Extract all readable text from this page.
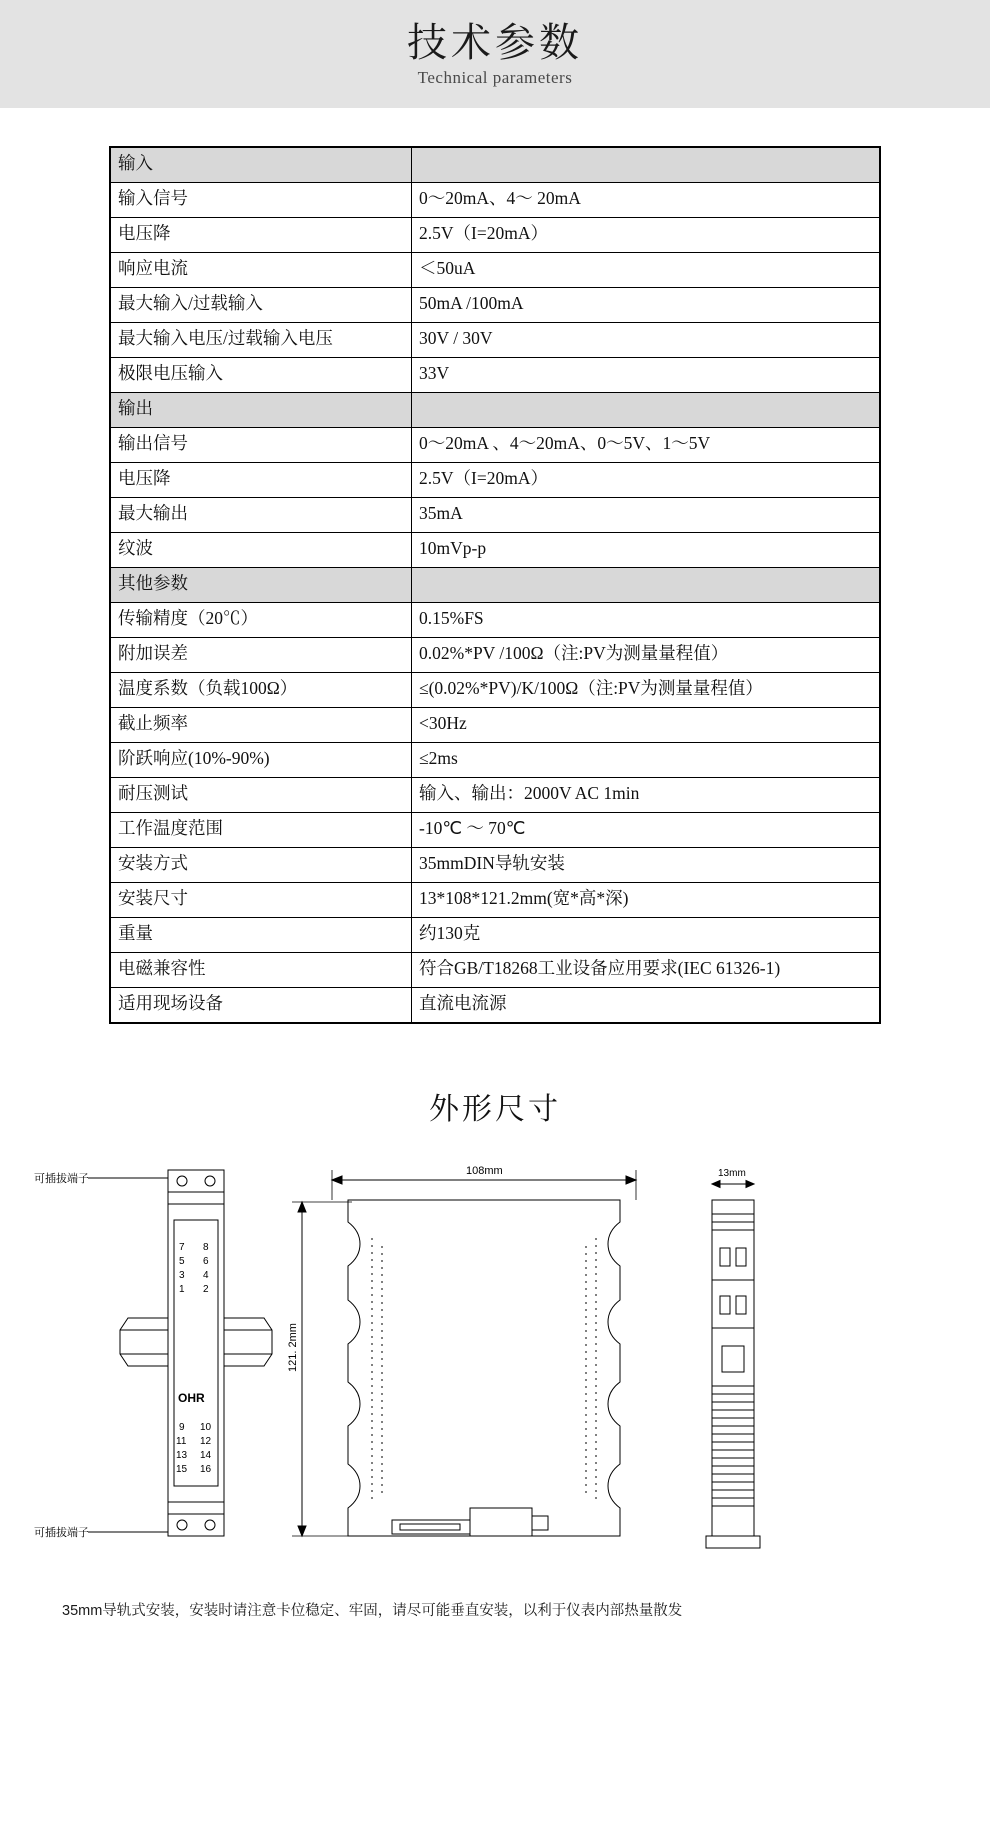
技术参数
Technical parameters
输入	
输入信号	0～20mA、4～ 20mA
电压降	2.5V（I=20mA）
响应电流	＜50uA
最大输入/过载输入	50mA /100mA
最大输入电压/过载输入电压	30V / 30V
极限电压输入	33V
输出	
输出信号	0～20mA 、4～20mA、0～5V、1～5V
电压降	2.5V（I=20mA）
最大输出	35mA
纹波	10mVp-p
其他参数	
传输精度（20℃）	0.15%FS
附加误差	0.02%*PV /100Ω（注:PV为测量量程值）
温度系数（负载100Ω）	≤(0.02%*PV)/K/100Ω（注:PV为测量量程值）
截止频率	<30Hz
阶跃响应(10%-90%)	≤2ms
耐压测试	输入、输出：2000V AC 1min
工作温度范围	-10℃ ～ 70℃
安装方式	35mmDIN导轨安装
安装尺寸	13*108*121.2mm(宽*高*深)
重量	约130克
电磁兼容性	符合GB/T18268工业设备应用要求(IEC 61326-1)
适用现场设备	直流电流源
外形尺寸
可插拔端子
可插拔端子
108mm
121. 2mm
13mm
7 8
5 6
3 4
1 2
OHR
9 10
11 12
13 14
15 16
35mm导轨式安装，安装时请注意卡位稳定、牢固，请尽可能垂直安装，以利于仪表内部热量散发
